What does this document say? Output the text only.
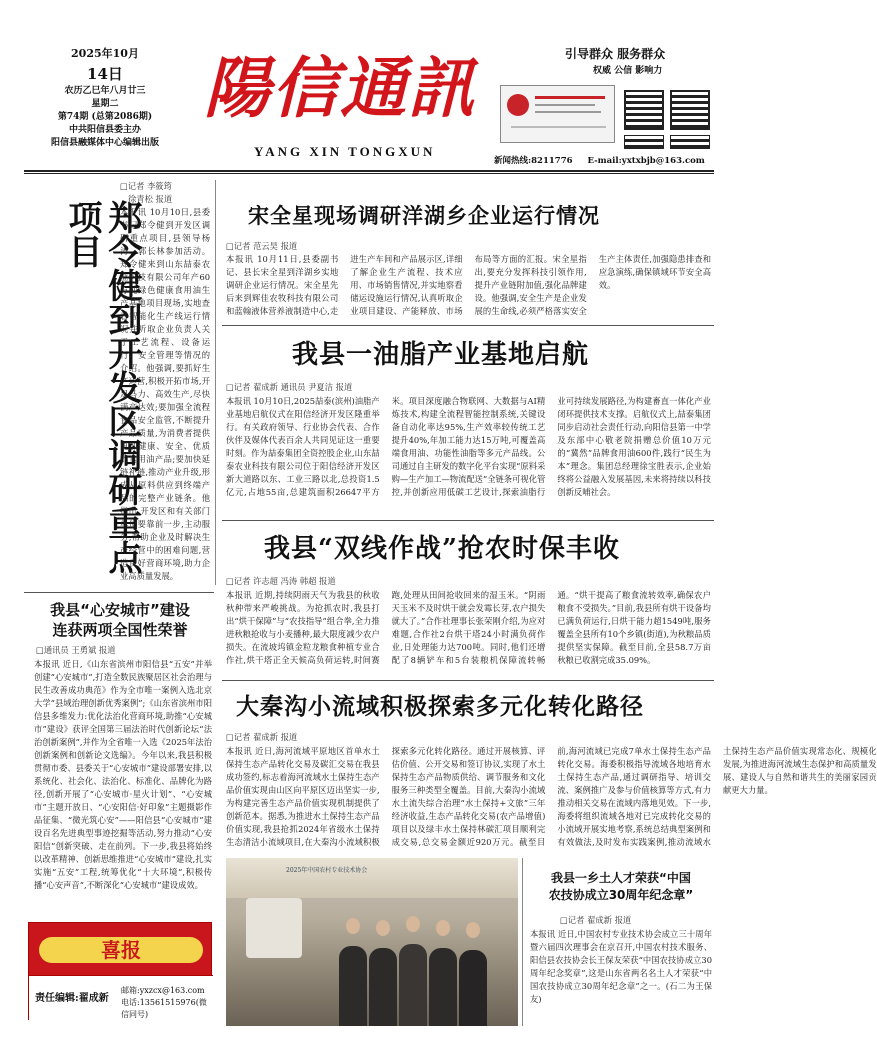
2025年10月
14日
农历乙巳年八月廿三
星期二
第74期 (总第2086期)
中共阳信县委主办
阳信县融媒体中心编辑出版
陽信通訊
YANG XIN TONGXUN
引导群众 服务群众
权威 公信 影响力
新闻热线:8211776 E-mail:yxtxbjb@163.com
郑令健到开发区调研重点项目
□记者 李筱筠
徐青松 报道
本报讯 10月10日,县委书记郑令健到开发区调研重点项目,县领导杨涛、郭长林参加活动。郑令健来到山东喆泰农业科技有限公司年产60万吨绿色健康食用油生产基地项目现场,实地查看智能化生产线运行情况并听取企业负责人关于工艺流程、设备运行、安全管理等情况的介绍。他强调,要抓好生产运营,积极开拓市场,开足马力、高效生产,尽快满产达效;要加强全流程食品安全监管,不断提升产品质量,为消费者提供更加健康、安全、优质的食用油产品;要加快延链补链,推动产业升级,形成从原料供应到终端产品的完整产业链条。他指出,开发区和有关部门单位要靠前一步,主动服务,帮助企业及时解决生产经营中的困难问题,营造良好营商环境,助力企业高质量发展。
我县“心安城市”建设
连获两项全国性荣誉
□通讯员 王勇斌 报道
本报讯 近日,《山东省滨州市阳信县“五安”并举创建“心安城市”,打造全数民族聚居区社会治理与民生改善成功典范》作为全市唯一案例入选北京大学“县域治理创新优秀案例”;《山东省滨州市阳信县多维发力:优化法治化营商环境,助推“心安城市”建设》获评全国第三届法治时代创新论坛“法治创新案例”,并作为全省唯一入选《2025年法治创新案例和创新论文选编》。今年以来,我县积极贯彻市委、县委关于“心安城市”建设部署安排,以系统化、社会化、法治化、标准化、品牌化为路径,创新开展了“心安城市·星火计划”、“心安城市”主题开放日、“心安阳信·好印象”主题摄影作品征集、“微光筑心安”——阳信县“心安城市”建设百名先进典型事迹挖掘等活动,努力推动“心安阳信”创新突破、走在前列。下一步,我县将始终以改革精神、创新思维推进“心安城市”建设,扎实实施“五安”工程,统筹优化“十大环境”,积极传播“心安声音”,不断深化“心安城市”建设成效。
喜报
责任编辑:翟成新
邮箱:yxzcx@163.com
电话:13561515976(微信同号)
宋全星现场调研洋湖乡企业运行情况
□记者 范云昊 报道
本报讯 10月11日,县委副书记、县长宋全星到洋湖乡实地调研企业运行情况。宋全星先后来到辉佳农牧科技有限公司和蓝翰液体营养液制造中心,走进生产车间和产品展示区,详细了解企业生产流程、技术应用、市场销售情况,并实地察看储运设施运行情况,认真听取企业项目建设、产能释放、市场布局等方面的汇报。宋全星指出,要充分发挥科技引领作用,提升产业链附加值,强化品牌建设。他强调,安全生产是企业发展的生命线,必须严格落实安全生产主体责任,加强隐患排查和应急演练,确保镇域环节安全高效。
我县一油脂产业基地启航
□记者 翟成新 通讯员 尹夏洁 报道
本报讯 10月10日,2025喆泰(滨州)油脂产业基地启航仪式在阳信经济开发区隆重举行。有关政府领导、行业协会代表、合作伙伴及媒体代表百余人共同见证这一重要时刻。作为喆泰集团全资控股企业,山东喆泰农业科技有限公司位于阳信经济开发区新大道路以东、工业三路以北,总投资1.5亿元,占地55亩,总建筑面积26647平方米。项目深度融合物联网、大数据与AI精炼技术,构建全流程智能控制系统,关键设备自动化率达95%,生产效率较传统工艺提升40%,年加工能力达15万吨,可覆盖高端食用油、功能性油脂等多元产品线。公司通过自主研发的数字化平台实现“原料采购—生产加工—物流配送”全链条可视化管控,并创新应用低碳工艺设计,探索油脂行业可持续发展路径,为构建畜直一体化产业闭环提供技术支撑。启航仪式上,喆泰集团同步启动社会责任行动,向阳信县第一中学及东部中心敬老院捐赠总价值10万元的“冀然”品牌食用油600件,践行“民生为本”理念。集团总经理徐宝胜表示,企业始终将公益融入发展基因,未来将持续以科技创新反哺社会。
我县“双线作战”抢农时保丰收
□记者 许志超 冯涛 韩超 报道
本报讯 近期,持续阴雨天气为我县的秋收秋种带来严峻挑战。为抢抓农时,我县打出“烘干保障”与“农技指导”组合拳,全力推进秋粮抢收与小麦播种,最大限度减少农户损失。在流坡坞镇金粒龙粮食种植专业合作社,烘干塔正全天候高负荷运转,时间赛跑,处理从田间抢收回来的湿玉米。“阴雨天玉米不及时烘干就会发霉长芽,农户损失就大了。”合作社理事长张荣刚介绍,为应对难题,合作社2台烘干塔24小时满负荷作业,日处理能力达700吨。同时,他们还增配了8辆铲车和5台装粮机保障流转畅通。“烘干提高了粮食流转效率,确保农户粮食不受损失。”目前,我县所有烘干设备均已满负荷运行,日烘干能力超1549吨,服务覆盖全县所有10个乡镇(街道),为秋粮品质提供坚实保障。截至目前,全县58.7万亩秋粮已收割完成35.09%。
大秦沟小流域积极探索多元化转化路径
□记者 翟成新 报道
本报讯 近日,海河流域平原地区首单水土保持生态产品转化交易及碳汇交易在我县成功签约,标志着海河流域水土保持生态产品价值实现由山区向平原区迈出坚实一步,为构建完善生态产品价值实现机制提供了创新范本。据悉,为推进水土保持生态产品价值实现,我县抢抓2024年省级水土保持生态清洁小流域项目,在大秦沟小流域积极探索多元化转化路径。通过开展核算、评估价值、公开交易和签订协议,实现了水土保持生态产品物质供给、调节服务和文化服务三种类型全覆盖。目前,大秦沟小流域水土流失综合治理“水土保持+文旅”三年经济收益,生态产品转化交易(农产品增值)项目以及绿丰水土保持林碳汇项目顺利完成交易,总交易金额近920万元。截至目前,海河流域已完成7单水土保持生态产品转化交易。海委积极指导流域各地培育水土保持生态产品,通过调研指导、培训交流、案例推广及参与价值核算等方式,有力推动相关交易在流域内落地见效。下一步,海委将组织流域各地对已完成转化交易的小流域开展实地考察,系统总结典型案例和有效做法,及时发布实践案例,推动流域水土保持生态产品价值实现常态化、规模化发展,为推进海河流域生态保护和高质量发展、建设人与自然和谐共生的美丽家园贡献更大力量。
2025年中国农村专业技术协会
我县一乡土人才荣获“中国
农技协成立30周年纪念章”
□记者 翟成新 报道
本报讯 近日,中国农村专业技术协会成立三十周年暨六届四次理事会在京召开,中国农村技术服务、阳信县农技协会长王保友荣获“中国农技协成立30周年纪念奖章”,这是山东省两名名土人才荣获“中国农技协成立30周年纪念章”之一。(石二为王保友)
